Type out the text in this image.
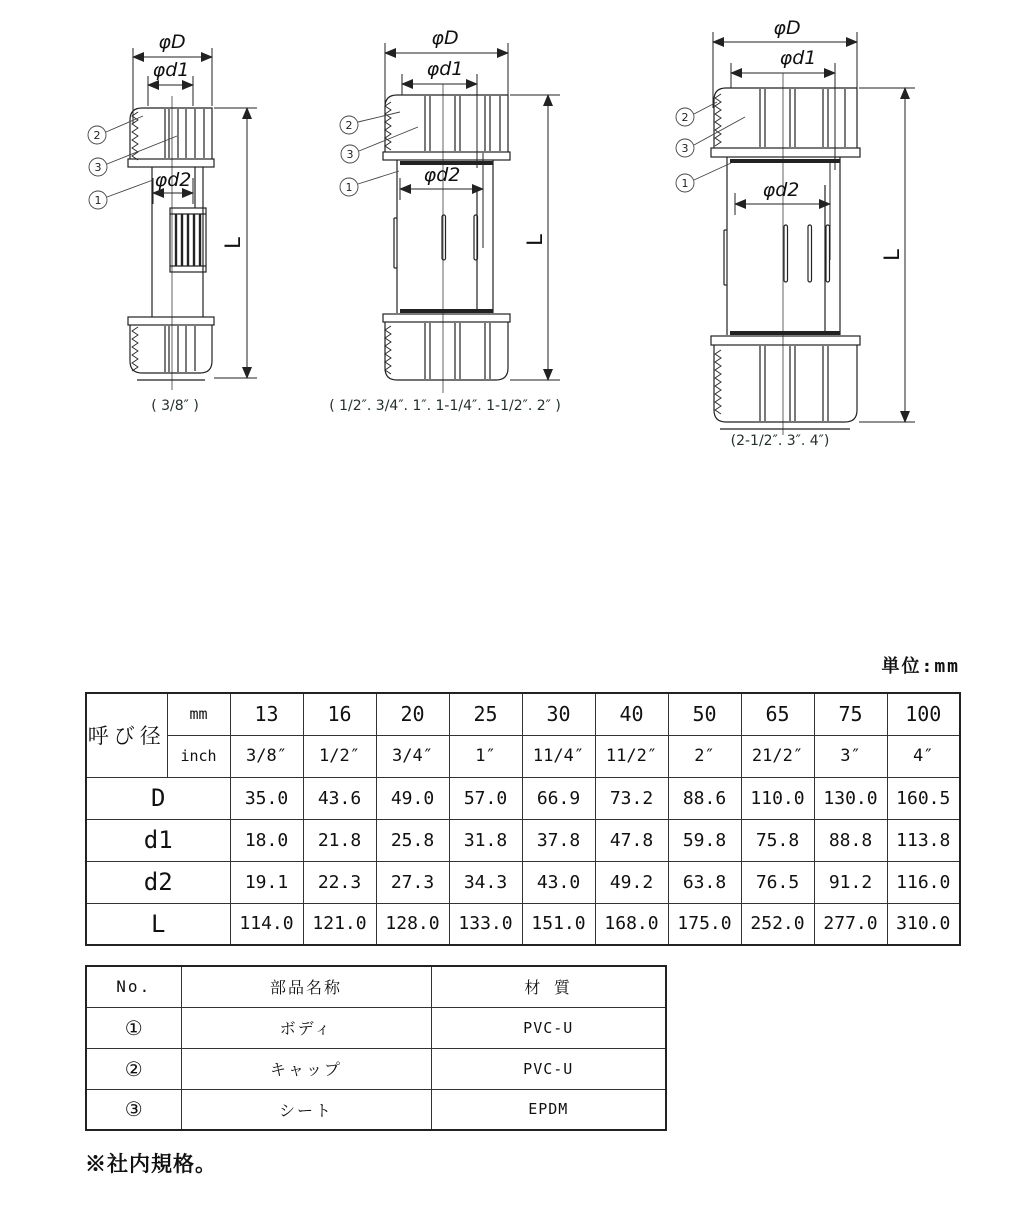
φD
φd1
φd2
L
2
3
1
( 3/8″ )
φD
φd1
φd2
L
2
3
1
( 1/2″. 3/4″. 1″. 1-1/4″. 1-1/2″. 2″ )
φD
φd1
φd2
L
2
3
1
(2-1/2″. 3″. 4″)
単位:mm
呼び径	mm	13	16	20	25	30	40	50	65	75	100
	inch	3/8″	1/2″	3/4″	1″	11/4″	11/2″	2″	21/2″	3″	4″
D		35.0	43.6	49.0	57.0	66.9	73.2	88.6	110.0	130.0	160.5
d1		18.0	21.8	25.8	31.8	37.8	47.8	59.8	75.8	88.8	113.8
d2		19.1	22.3	27.3	34.3	43.0	49.2	63.8	76.5	91.2	116.0
L		114.0	121.0	128.0	133.0	151.0	168.0	175.0	252.0	277.0	310.0
No.	部品名称	材 質
①	ボディ	PVC-U
②	キャップ	PVC-U
③	シート	EPDM
※社内規格。
